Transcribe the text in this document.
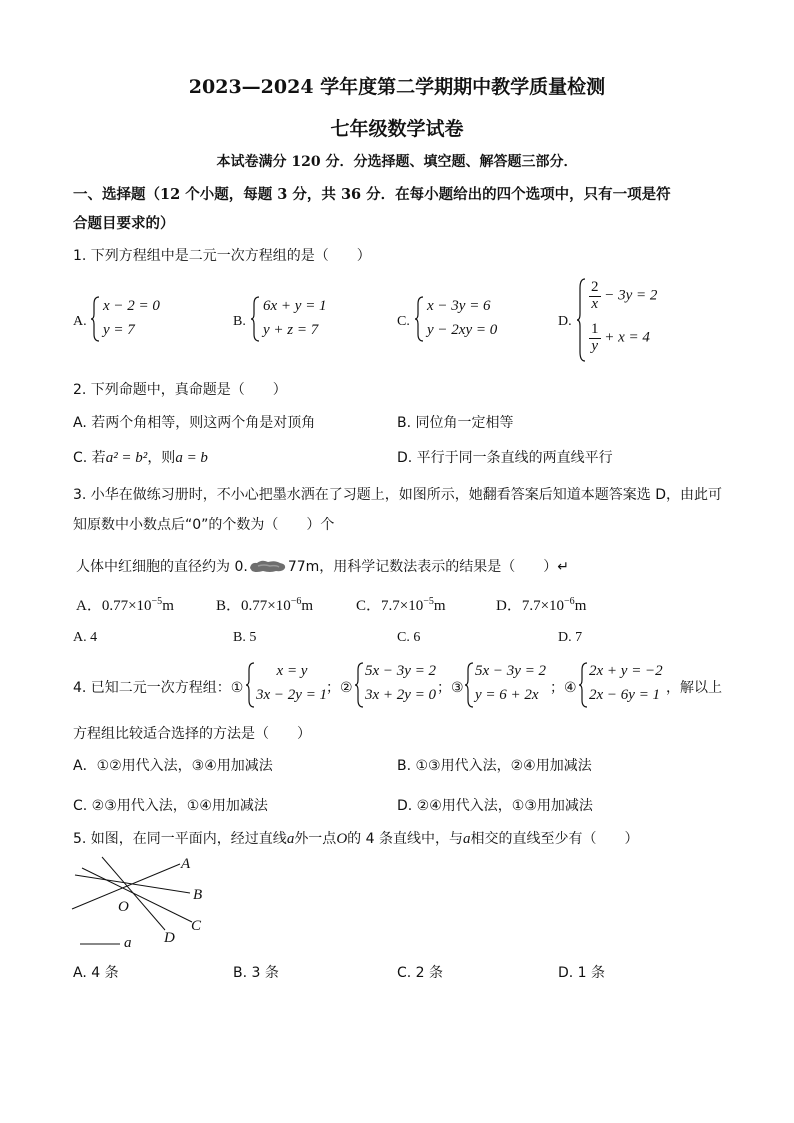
2023—2024 学年度第二学期期中教学质量检测
七年级数学试卷
本试卷满分 120 分．分选择题、填空题、解答题三部分．
一、选择题（12 个小题，每题 3 分，共 36 分．在每小题给出的四个选项中，只有一项是符
合题目要求的）
1. 下列方程组中是二元一次方程组的是（　　）
A.
x − 2 = 0
y = 7
B.
6x + y = 1
y + z = 7
C.
x − 3y = 6
y − 2xy = 0
D.
$\frac{2}{x} - 3y = 2$
$\frac{1}{y} + x = 4$
2. 下列命题中，真命题是（　　）
A. 若两个角相等，则这两个角是对顶角	B. 同位角一定相等
C. 若a² = b²，则a = b	D. 平行于同一条直线的两直线平行
3. 小华在做练习册时，不小心把墨水洒在了习题上，如图所示，她翻看答案后知道本题答案选 D，由此可
知原数中小数点后“0”的个数为（　　）个
人体中红细胞的直径约为 0.	77m，用科学记数法表示的结果是（　　）↵
A．$0.77\times 10^{-5}m$	B．$0.77\times 10^{-6}m$	C．$7.7\times 10^{-5}m$	D．$7.7\times 10^{-6}m$
A. 4	B. 5	C. 6	D. 7
4. 已知二元一次方程组：①
x = y
3x − 2y = 1
；②
5x − 3y = 2
3x + 2y = 0 ；③
5x − 3y = 2
y = 6 + 2x ；④
2x + y = −2
2x − 6y = 1 ，解以上
方程组比较适合选择的方法是（　　）
A．①②用代入法，③④用加减法	B. ①③用代入法，②④用加减法
C. ②③用代入法，①④用加减法	D. ②④用代入法，①③用加减法
5. 如图，在同一平面内，经过直线a外一点O的 4 条直线中，与a相交的直线至少有（　　）
A
B
O
C
D
a
A. 4 条	B. 3 条	C. 2 条	D. 1 条
